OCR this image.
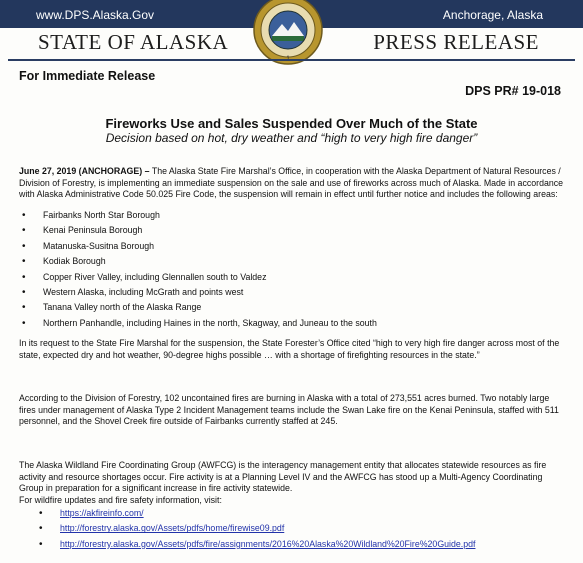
www.DPS.Alaska.Gov	Anchorage, Alaska
STATE OF ALASKA	PRESS RELEASE
For Immediate Release
DPS PR# 19-018
Fireworks Use and Sales Suspended Over Much of the State
Decision based on hot, dry weather and “high to very high fire danger”

June 27, 2019 (ANCHORAGE) – The Alaska State Fire Marshal’s Office, in cooperation with the Alaska Department of Natural Resources / Division of Forestry, is implementing an immediate suspension on the sale and use of fireworks across much of Alaska. Made in accordance with Alaska Administrative Code 50.025 Fire Code, the suspension will remain in effect until further notice and includes the following areas:

• Fairbanks North Star Borough
• Kenai Peninsula Borough
• Matanuska-Susitna Borough
• Kodiak Borough
• Copper River Valley, including Glennallen south to Valdez
• Western Alaska, including McGrath and points west
• Tanana Valley north of the Alaska Range
• Northern Panhandle, including Haines in the north, Skagway, and Juneau to the south

In its request to the State Fire Marshal for the suspension, the State Forester’s Office cited “high to very high fire danger across most of the state, expected dry and hot weather, 90-degree highs possible … with a shortage of firefighting resources in the state.”

According to the Division of Forestry, 102 uncontained fires are burning in Alaska with a total of 273,551 acres burned. Two notably large fires under management of Alaska Type 2 Incident Management teams include the Swan Lake fire on the Kenai Peninsula, staffed with 511 personnel, and the Shovel Creek fire outside of Fairbanks currently staffed at 245.

The Alaska Wildland Fire Coordinating Group (AWFCG) is the interagency management entity that allocates statewide resources as fire activity and resource shortages occur. Fire activity is at a Planning Level IV and the AWFCG has stood up a Multi-Agency Coordinating Group in preparation for a significant increase in fire activity statewide.

For wildfire updates and fire safety information, visit:

• https://akfireinfo.com/
• http://forestry.alaska.gov/Assets/pdfs/home/firewise09.pdf
• http://forestry.alaska.gov/Assets/pdfs/fire/assignments/2016%20Alaska%20Wildland%20Fire%20Guide.pdf
